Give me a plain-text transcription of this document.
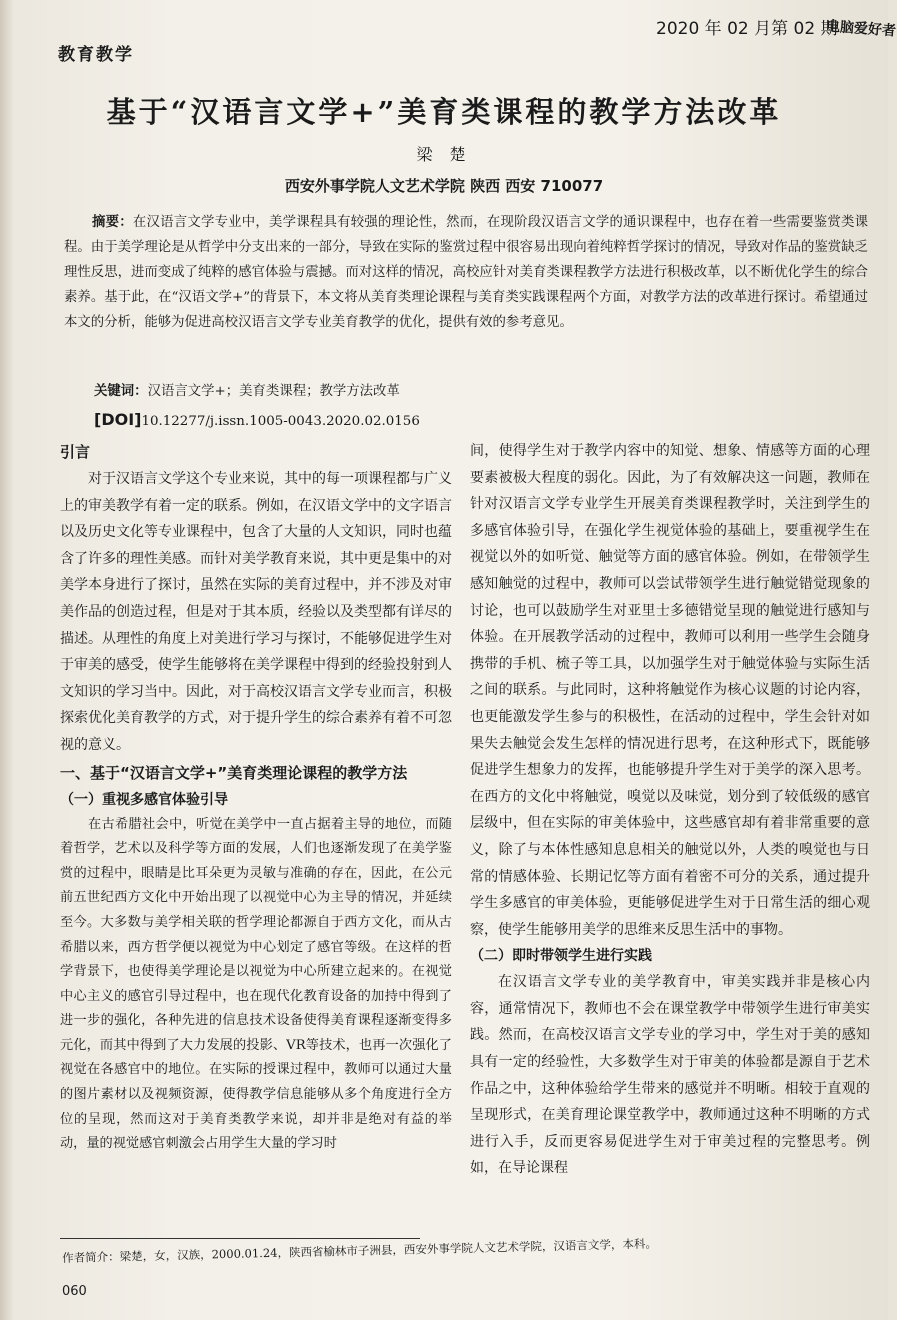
教育教学
2020 年 02 月第 02 期
电脑爱好者
基于“汉语言文学+”美育类课程的教学方法改革
梁 楚
西安外事学院人文艺术学院 陕西 西安 710077
摘要：在汉语言文学专业中，美学课程具有较强的理论性，然而，在现阶段汉语言文学的通识课程中，也存在着一些需要鉴赏类课程。由于美学理论是从哲学中分支出来的一部分，导致在实际的鉴赏过程中很容易出现向着纯粹哲学探讨的情况，导致对作品的鉴赏缺乏理性反思，进而变成了纯粹的感官体验与震撼。而对这样的情况，高校应针对美育类课程教学方法进行积极改革，以不断优化学生的综合素养。基于此，在“汉语文学+”的背景下，本文将从美育类理论课程与美育类实践课程两个方面，对教学方法的改革进行探讨。希望通过本文的分析，能够为促进高校汉语言文学专业美育教学的优化，提供有效的参考意见。
关键词：汉语言文学+；美育类课程；教学方法改革
[DOI]10.12277/j.issn.1005-0043.2020.02.0156
引言

对于汉语言文学这个专业来说，其中的每一项课程都与广义上的审美教学有着一定的联系。例如，在汉语文学中的文字语言以及历史文化等专业课程中，包含了大量的人文知识，同时也蕴含了许多的理性美感。而针对美学教育来说，其中更是集中的对美学本身进行了探讨，虽然在实际的美育过程中，并不涉及对审美作品的创造过程，但是对于其本质，经验以及类型都有详尽的描述。从理性的角度上对美进行学习与探讨，不能够促进学生对于审美的感受，使学生能够将在美学课程中得到的经验投射到人文知识的学习当中。因此，对于高校汉语言文学专业而言，积极探索优化美育教学的方式，对于提升学生的综合素养有着不可忽视的意义。

一、基于“汉语言文学+”美育类理论课程的教学方法
（一）重视多感官体验引导

在古希腊社会中，听觉在美学中一直占据着主导的地位，而随着哲学，艺术以及科学等方面的发展，人们也逐渐发现了在美学鉴赏的过程中，眼睛是比耳朵更为灵敏与准确的存在，因此，在公元前五世纪西方文化中开始出现了以视觉中心为主导的情况，并延续至今。大多数与美学相关联的哲学理论都源自于西方文化，而从古希腊以来，西方哲学便以视觉为中心划定了感官等级。在这样的哲学背景下，也使得美学理论是以视觉为中心所建立起来的。在视觉中心主义的感官引导过程中，也在现代化教育设备的加持中得到了进一步的强化，各种先进的信息技术设备使得美育课程逐渐变得多元化，而其中得到了大力发展的投影、VR等技术，也再一次强化了视觉在各感官中的地位。在实际的授课过程中，教师可以通过大量的图片素材以及视频资源，使得教学信息能够从多个角度进行全方位的呈现，然而这对于美育类教学来说，却并非是绝对有益的举动，量的视觉感官刺激会占用学生大量的学习时

间，使得学生对于教学内容中的知觉、想象、情感等方面的心理要素被极大程度的弱化。因此，为了有效解决这一问题，教师在针对汉语言文学专业学生开展美育类课程教学时，关注到学生的多感官体验引导，在强化学生视觉体验的基础上，要重视学生在视觉以外的如听觉、触觉等方面的感官体验。例如，在带领学生感知触觉的过程中，教师可以尝试带领学生进行触觉错觉现象的讨论，也可以鼓励学生对亚里士多德错觉呈现的触觉进行感知与体验。在开展教学活动的过程中，教师可以利用一些学生会随身携带的手机、梳子等工具，以加强学生对于触觉体验与实际生活之间的联系。与此同时，这种将触觉作为核心议题的讨论内容，也更能激发学生参与的积极性，在活动的过程中，学生会针对如果失去触觉会发生怎样的情况进行思考，在这种形式下，既能够促进学生想象力的发挥，也能够提升学生对于美学的深入思考。在西方的文化中将触觉，嗅觉以及味觉，划分到了较低级的感官层级中，但在实际的审美体验中，这些感官却有着非常重要的意义，除了与本体性感知息息相关的触觉以外，人类的嗅觉也与日常的情感体验、长期记忆等方面有着密不可分的关系，通过提升学生多感官的审美体验，更能够促进学生对于日常生活的细心观察，使学生能够用美学的思维来反思生活中的事物。

（二）即时带领学生进行实践

在汉语言文学专业的美学教育中，审美实践并非是核心内容，通常情况下，教师也不会在课堂教学中带领学生进行审美实践。然而，在高校汉语言文学专业的学习中，学生对于美的感知具有一定的经验性，大多数学生对于审美的体验都是源自于艺术作品之中，这种体验给学生带来的感觉并不明晰。相较于直观的呈现形式，在美育理论课堂教学中，教师通过这种不明晰的方式进行入手，反而更容易促进学生对于审美过程的完整思考。例如，在导论课程

作者简介：梁楚，女，汉族，2000.01.24，陕西省榆林市子洲县，西安外事学院人文艺术学院，汉语言文学，本科。
060
